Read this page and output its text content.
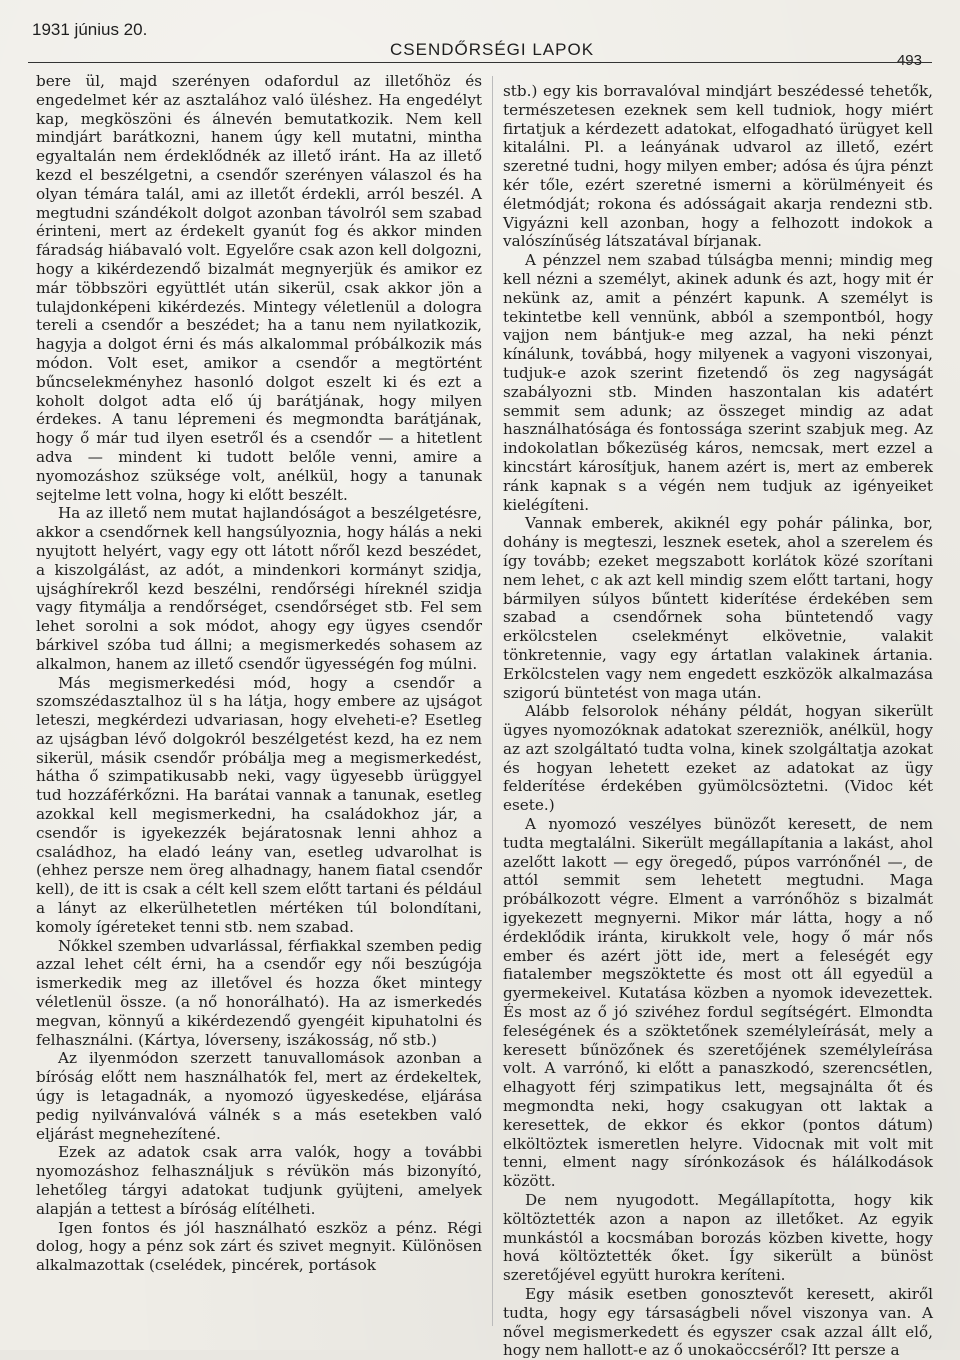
1931 június 20.
CSENDŐRSÉGI LAPOK
493

bere ül, majd szerényen odafordul az illetőhöz és engedelmet kér az asztalához való üléshez. Ha engedélyt kap, megköszöni és álnevén bemutatkozik. Nem kell mindjárt barátkozni, hanem úgy kell mutatni, mintha egyaltalán nem érdeklődnék az illető iránt. Ha az illető kezd el beszélgetni, a csendőr szerényen válaszol és ha olyan témára talál, ami az illetőt érdekli, arról beszél. A megtudni szándékolt dolgot azonban távolról sem szabad érinteni, mert az érdekelt gyanút fog és akkor minden fáradság hiábavaló volt. Egyelőre csak azon kell dolgozni, hogy a kikérdezendő bizalmát megnyerjük és amikor ez már többszöri együttlét után sikerül, csak akkor jön a tulajdonképeni kikérdezés. Mintegy véletlenül a dologra tereli a csendőr a beszédet; ha a tanu nem nyilatkozik, hagyja a dolgot érni és más alkalommal próbálkozik más módon. Volt eset, amikor a csendőr a megtörtént bűncselekményhez hasonló dolgot eszelt ki és ezt a koholt dolgot adta elő új barátjának, hogy milyen érdekes. A tanu lépremeni és megmondta barátjának, hogy ő már tud ilyen esetről és a csendőr — a hitetlent adva — mindent ki tudott belőle venni, amire a nyomozáshoz szüksége volt, anélkül, hogy a tanunak sejtelme lett volna, hogy ki előtt beszélt.

Ha az illető nem mutat hajlandóságot a beszélgetésre, akkor a csendőrnek kell hangsúlyoznia, hogy hálás a neki nyujtott helyért, vagy egy ott látott nőről kezd beszédet, a kiszolgálást, az adót, a mindenkori kormányt szidja, ujsághírekről kezd beszélni, rendőrségi híreknél szidja vagy fitymálja a rendőrséget, csendőrséget stb. Fel sem lehet sorolni a sok módot, ahogy egy ügyes csendőr bárkivel szóba tud állni; a megismerkedés sohasem az alkalmon, hanem az illető csendőr ügyességén fog múlni.

Más megismerkedési mód, hogy a csendőr a szomszédasztalhoz ül s ha látja, hogy embere az ujságot leteszi, megkérdezi udvariasan, hogy elveheti-e? Esetleg az ujságban lévő dolgokról beszélgetést kezd, ha ez nem sikerül, másik csendőr próbálja meg a megismerkedést, hátha ő szimpatikusabb neki, vagy ügyesebb ürüggyel tud hozzáférkőzni. Ha barátai vannak a tanunak, esetleg azokkal kell megismerkedni, ha családokhoz jár, a csendőr is igyekezzék bejáratosnak lenni ahhoz a családhoz, ha eladó leány van, esetleg udvarolhat is (ehhez persze nem öreg alhadnagy, hanem fiatal csendőr kell), de itt is csak a célt kell szem előtt tartani és például a lányt az elkerülhetetlen mértéken túl bolondítani, komoly ígéreteket tenni stb. nem szabad.

Nőkkel szemben udvarlással, férfiakkal szemben pedig azzal lehet célt érni, ha a csendőr egy női beszúgója ismerkedik meg az illetővel és hozza őket mintegy véletlenül össze. (a nő honorálható). Ha az ismerkedés megvan, könnyű a kikérdezendő gyengéit kipuhatolni és felhasználni. (Kártya, lóverseny, iszákosság, nő stb.)

Az ilyenmódon szerzett tanuvallomások azonban a bíróság előtt nem használhatók fel, mert az érdekeltek, úgy is letagadnák, a nyomozó ügyeskedése, eljárása pedig nyilvánvalóvá válnék s a más esetekben való eljárást megnehezítené.

Ezek az adatok csak arra valók, hogy a további nyomozáshoz felhasználjuk s révükön más bizonyító, lehetőleg tárgyi adatokat tudjunk gyüjteni, amelyek alapján a tettest a bíróság elítélheti.

Igen fontos és jól használható eszköz a pénz. Régi dolog, hogy a pénz sok zárt és szivet megnyit. Különösen alkalmazottak (cselédek, pincérek, portások

stb.) egy kis borravalóval mindjárt beszédessé tehetők, természetesen ezeknek sem kell tudniok, hogy miért firtatjuk a kérdezett adatokat, elfogadható ürügyet kell kitalálni. Pl. a leányának udvarol az illető, ezért szeretné tudni, hogy milyen ember; adósa és újra pénzt kér tőle, ezért szeretné ismerni a körülményeit és életmódját; rokona és adósságait akarja rendezni stb. Vigyázni kell azonban, hogy a felhozott indokok a valószínűség látszatával bírjanak.

A pénzzel nem szabad túlságba menni; mindig meg kell nézni a személyt, akinek adunk és azt, hogy mit ér nekünk az, amit a pénzért kapunk. A személyt is tekintetbe kell vennünk, abból a szempontból, hogy vajjon nem bántjuk-e meg azzal, ha neki pénzt kínálunk, továbbá, hogy milyenek a vagyoni viszonyai, tudjuk-e azok szerint fizetendő ös zeg nagyságát szabályozni stb. Minden haszontalan kis adatért semmit sem adunk; az összeget mindig az adat használhatósága és fontossága szerint szabjuk meg. Az indokolatlan bőkezüség káros, nemcsak, mert ezzel a kincstárt károsítjuk, hanem azért is, mert az emberek ránk kapnak s a végén nem tudjuk az igényeiket kielégíteni.

Vannak emberek, akiknél egy pohár pálinka, bor, dohány is megteszi, lesznek esetek, ahol a szerelem és így tovább; ezeket megszabott korlátok közé szorítani nem lehet, c ak azt kell mindig szem előtt tartani, hogy bármilyen súlyos bűntett kiderítése érdekében sem szabad a csendőrnek soha büntetendő vagy erkölcstelen cselekményt elkövetnie, valakit tönkretennie, vagy egy ártatlan valakinek ártania. Erkölcstelen vagy nem engedett eszközök alkalmazása szigorú büntetést von maga után.

Alább felsorolok néhány példát, hogyan sikerült ügyes nyomozóknak adatokat szerezniök, anélkül, hogy az azt szolgáltató tudta volna, kinek szolgáltatja azokat és hogyan lehetett ezeket az adatokat az ügy felderítése érdekében gyümölcsöztetni. (Vidoc két esete.)

A nyomozó veszélyes bünözőt keresett, de nem tudta megtalálni. Sikerült megállapítania a lakást, ahol azelőtt lakott — egy öregedő, púpos varrónőnél —, de attól semmit sem lehetett megtudni. Maga próbálkozott végre. Elment a varrónőhöz s bizalmát igyekezett megnyerni. Mikor már látta, hogy a nő érdeklődik iránta, kirukkolt vele, hogy ő már nős ember és azért jött ide, mert a feleségét egy fiatalember megszöktette és most ott áll egyedül a gyermekeivel. Kutatása közben a nyomok idevezettek. És most az ő jó szivéhez fordul segítségért. Elmondta feleségének és a szöktetőnek személyleírását, mely a keresett bűnözőnek és szeretőjének személyleírása volt. A varrónő, ki előtt a panaszkodó, szerencsétlen, elhagyott férj szimpatikus lett, megsajnálta őt és megmondta neki, hogy csakugyan ott laktak a keresettek, de ekkor és ekkor (pontos dátum) elköltöztek ismeretlen helyre. Vidocnak mit volt mit tenni, elment nagy sírónkozások és hálálkodások között.

De nem nyugodott. Megállapította, hogy kik költöztették azon a napon az illetőket. Az egyik munkástól a kocsmában borozás közben kivette, hogy hová költöztették őket. Így sikerült a bünöst szeretőjével együtt hurokra keríteni.

Egy másik esetben gonosztevőt keresett, akiről tudta, hogy egy társaságbeli nővel viszonya van. A nővel megismerkedett és egyszer csak azzal állt elő, hogy nem hallott-e az ő unokaöccséről? Itt persze a
